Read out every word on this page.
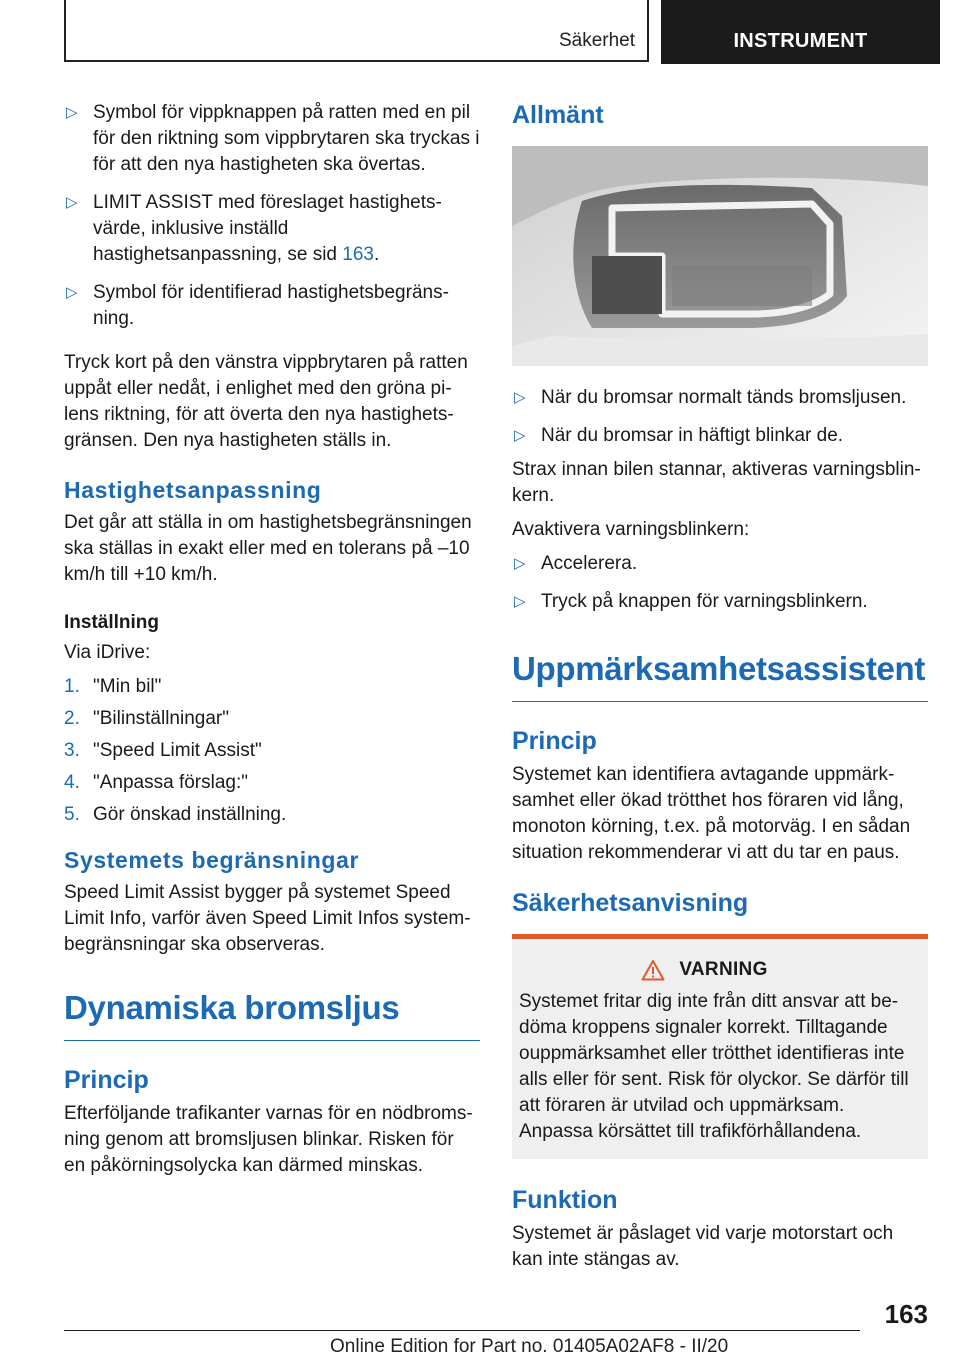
Säkerhet	INSTRUMENT
▷ Symbol för vippknappen på ratten med en pil för den riktning som vippbrytaren ska tryckas i för att den nya hastigheten ska övertas.
▷ LIMIT ASSIST med föreslaget hastighetsvärde, inklusive inställd hastighetsanpassning, se sid 163.
▷ Symbol för identifierad hastighetsbegränsning.

Tryck kort på den vänstra vippbrytaren på ratten uppåt eller nedåt, i enlighet med den gröna pilens riktning, för att överta den nya hastighetsgränsen. Den nya hastigheten ställs in.

Hastighetsanpassning

Det går att ställa in om hastighetsbegränsningen ska ställas in exakt eller med en tolerans på –10 km/h till +10 km/h.

Inställning

Via iDrive:

1. "Min bil"
2. "Bilinställningar"
3. "Speed Limit Assist"
4. "Anpassa förslag:"
5. Gör önskad inställning.
Systemets begränsningar

Speed Limit Assist bygger på systemet Speed Limit Info, varför även Speed Limit Infos systembegränsningar ska observeras.

Dynamiska bromsljus
Princip

Efterföljande trafikanter varnas för en nödbromsning genom att bromsljusen blinkar. Risken för en påkörningsolycka kan därmed minskas.

Allmänt
▷ När du bromsar normalt tänds bromsljusen.
▷ När du bromsar in häftigt blinkar de.

Strax innan bilen stannar, aktiveras varningsblinkern.

Avaktivera varningsblinkern:

▷ Accelerera.
▷ Tryck på knappen för varningsblinkern.
Uppmärksamhetsassistent
Princip

Systemet kan identifiera avtagande uppmärksamhet eller ökad trötthet hos föraren vid lång, monoton körning, t.ex. på motorväg. I en sådan situation rekommenderar vi att du tar en paus.

Säkerhetsanvisning
VARNING

Systemet fritar dig inte från ditt ansvar att bedöma kroppens signaler korrekt. Tilltagande ouppmärksamhet eller trötthet identifieras inte alls eller för sent. Risk för olyckor. Se därför till att föraren är utvilad och uppmärksam. Anpassa körsättet till trafikförhållandena.

Funktion

Systemet är påslaget vid varje motorstart och kan inte stängas av.

163
Online Edition for Part no. 01405A02AF8 - II/20
